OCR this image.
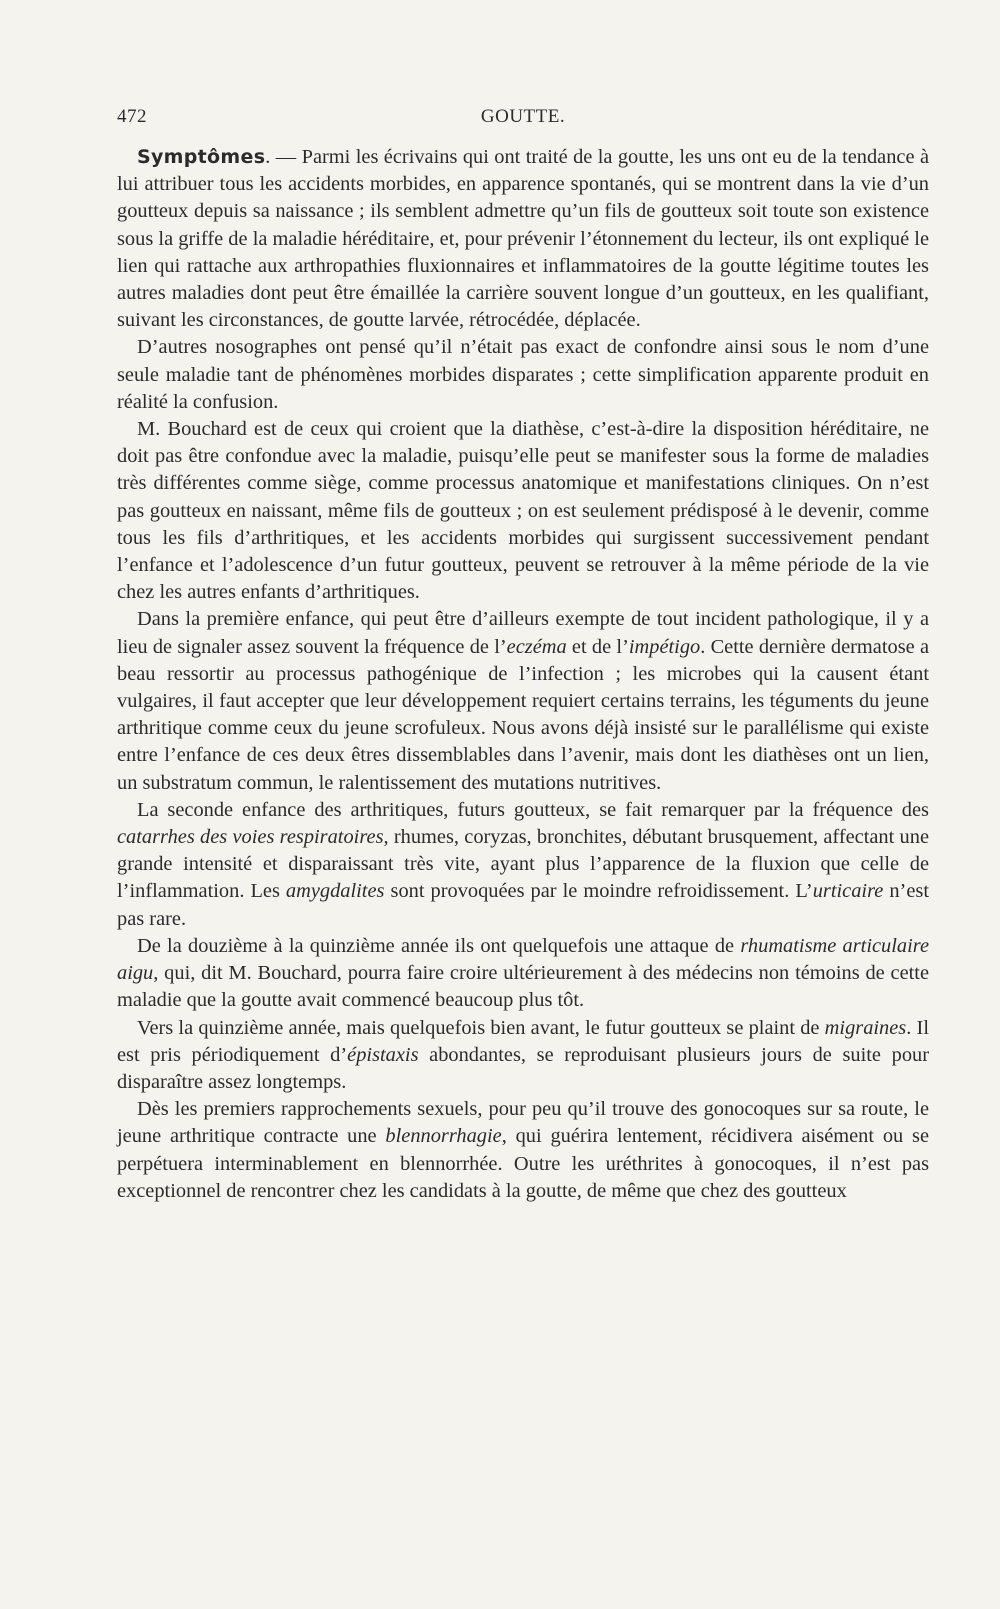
472	GOUTTE.

Symptômes. — Parmi les écrivains qui ont traité de la goutte, les uns ont eu de la tendance à lui attribuer tous les accidents morbides, en apparence spontanés, qui se montrent dans la vie d’un goutteux depuis sa naissance ; ils semblent admettre qu’un fils de goutteux soit toute son existence sous la griffe de la maladie héréditaire, et, pour prévenir l’étonnement du lecteur, ils ont expliqué le lien qui rattache aux arthropathies fluxionnaires et inflammatoires de la goutte légitime toutes les autres maladies dont peut être émaillée la carrière souvent longue d’un goutteux, en les qualifiant, suivant les circonstances, de goutte larvée, rétrocédée, déplacée.

D’autres nosographes ont pensé qu’il n’était pas exact de confondre ainsi sous le nom d’une seule maladie tant de phénomènes morbides disparates ; cette simplification apparente produit en réalité la confusion.

M. Bouchard est de ceux qui croient que la diathèse, c’est-à-dire la disposition héréditaire, ne doit pas être confondue avec la maladie, puisqu’elle peut se manifester sous la forme de maladies très différentes comme siège, comme processus anatomique et manifestations cliniques. On n’est pas goutteux en naissant, même fils de goutteux ; on est seulement prédisposé à le devenir, comme tous les fils d’arthritiques, et les accidents morbides qui surgissent successivement pendant l’enfance et l’adolescence d’un futur goutteux, peuvent se retrouver à la même période de la vie chez les autres enfants d’arthritiques.

Dans la première enfance, qui peut être d’ailleurs exempte de tout incident pathologique, il y a lieu de signaler assez souvent la fréquence de l’eczéma et de l’impétigo. Cette dernière dermatose a beau ressortir au processus pathogénique de l’infection ; les microbes qui la causent étant vulgaires, il faut accepter que leur développement requiert certains terrains, les téguments du jeune arthritique comme ceux du jeune scrofuleux. Nous avons déjà insisté sur le parallélisme qui existe entre l’enfance de ces deux êtres dissemblables dans l’avenir, mais dont les diathèses ont un lien, un substratum commun, le ralentissement des mutations nutritives.

La seconde enfance des arthritiques, futurs goutteux, se fait remarquer par la fréquence des catarrhes des voies respiratoires, rhumes, coryzas, bronchites, débutant brusquement, affectant une grande intensité et disparaissant très vite, ayant plus l’apparence de la fluxion que celle de l’inflammation. Les amygdalites sont provoquées par le moindre refroidissement. L’urticaire n’est pas rare.

De la douzième à la quinzième année ils ont quelquefois une attaque de rhumatisme articulaire aigu, qui, dit M. Bouchard, pourra faire croire ultérieurement à des médecins non témoins de cette maladie que la goutte avait commencé beaucoup plus tôt.

Vers la quinzième année, mais quelquefois bien avant, le futur goutteux se plaint de migraines. Il est pris périodiquement d’épistaxis abondantes, se reproduisant plusieurs jours de suite pour disparaître assez longtemps.

Dès les premiers rapprochements sexuels, pour peu qu’il trouve des gonocoques sur sa route, le jeune arthritique contracte une blennorrhagie, qui guérira lentement, récidivera aisément ou se perpétuera interminablement en blennorrhée. Outre les uréthrites à gonocoques, il n’est pas exceptionnel de rencontrer chez les candidats à la goutte, de même que chez des goutteux
